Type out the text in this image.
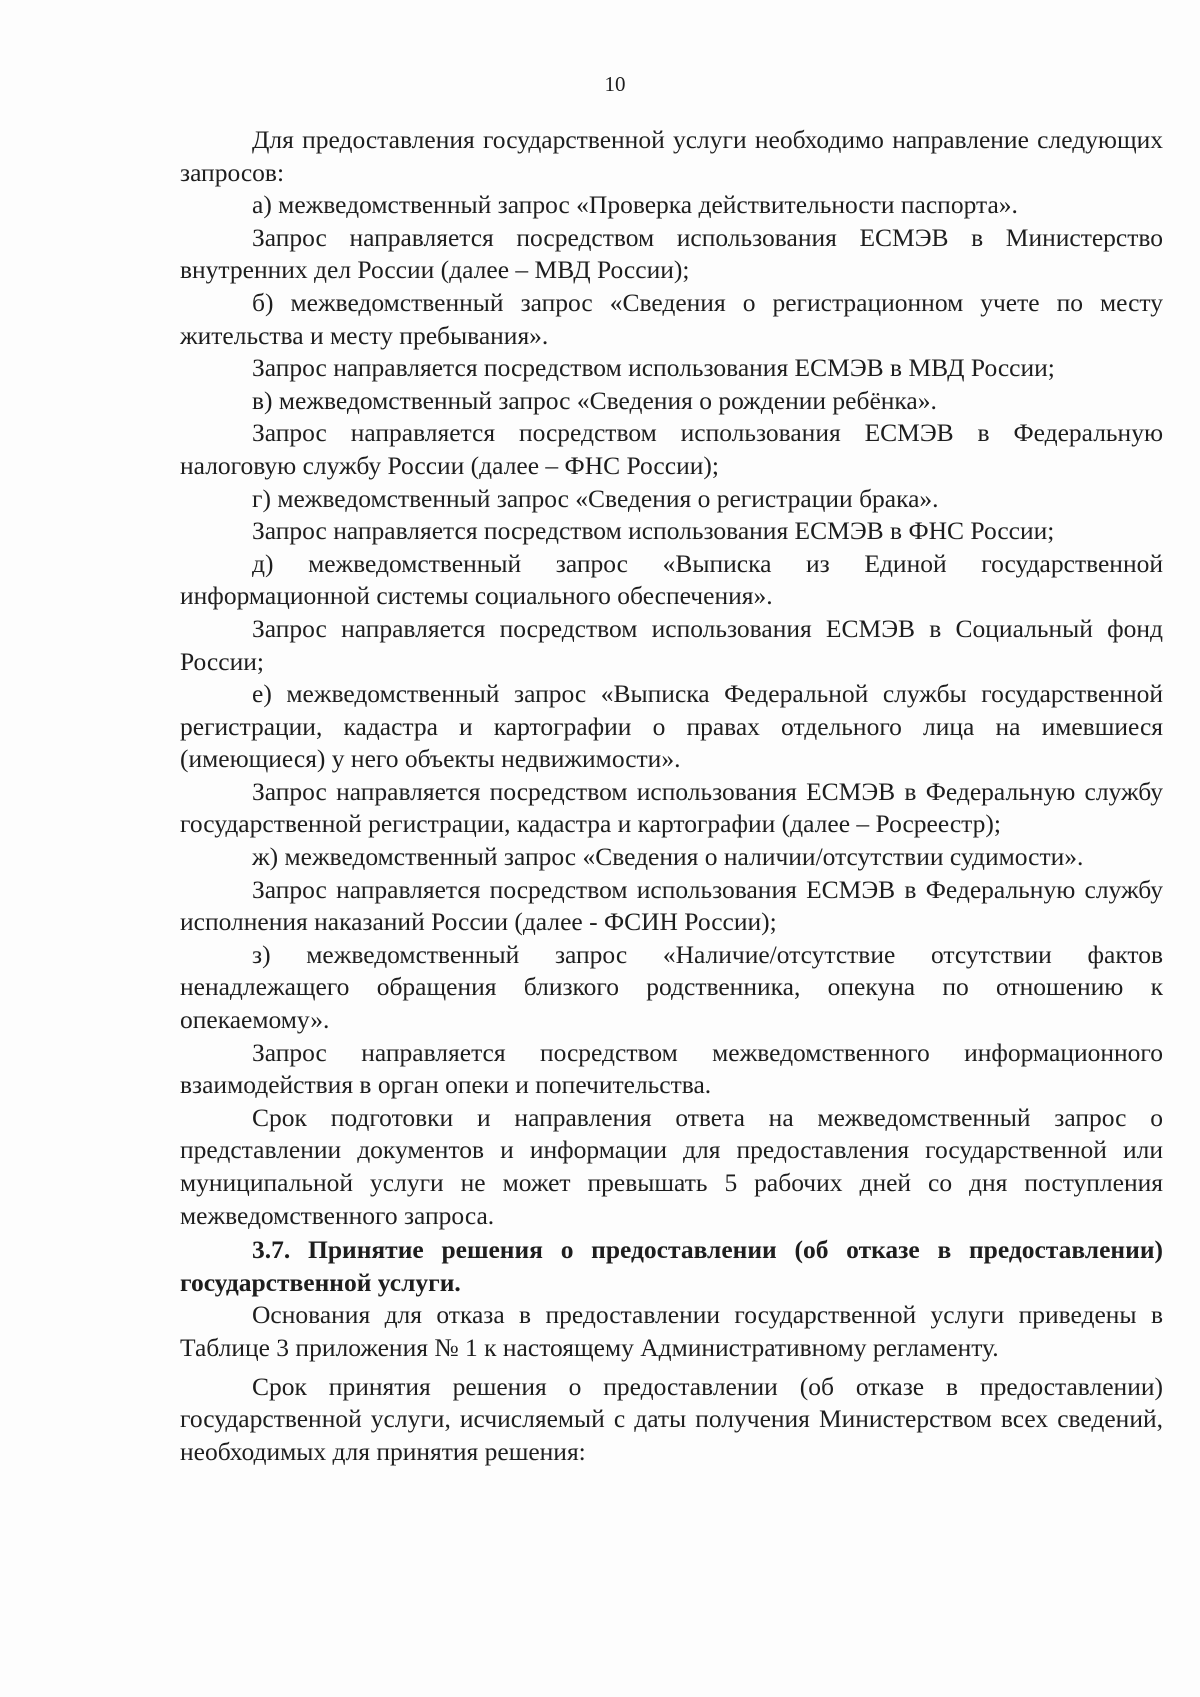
10

Для предоставления государственной услуги необходимо направление следующих запросов:

а) межведомственный запрос «Проверка действительности паспорта».

Запрос направляется посредством использования ЕСМЭВ в Министерство внутренних дел России (далее – МВД России);

б) межведомственный запрос «Сведения о регистрационном учете по месту жительства и месту пребывания».

Запрос направляется посредством использования ЕСМЭВ в МВД России;

в) межведомственный запрос «Сведения о рождении ребёнка».

Запрос направляется посредством использования ЕСМЭВ в Федеральную налоговую службу России (далее – ФНС России);

г) межведомственный запрос «Сведения о регистрации брака».

Запрос направляется посредством использования ЕСМЭВ в ФНС России;

д) межведомственный запрос «Выписка из Единой государственной информационной системы социального обеспечения».

Запрос направляется посредством использования ЕСМЭВ в Социальный фонд России;

е) межведомственный запрос «Выписка Федеральной службы государственной регистрации, кадастра и картографии о правах отдельного лица на имевшиеся (имеющиеся) у него объекты недвижимости».

Запрос направляется посредством использования ЕСМЭВ в Федеральную службу государственной регистрации, кадастра и картографии (далее – Росреестр);

ж) межведомственный запрос «Сведения о наличии/отсутствии судимости».

Запрос направляется посредством использования ЕСМЭВ в Федеральную службу исполнения наказаний России (далее - ФСИН России);

з) межведомственный запрос «Наличие/отсутствие отсутствии фактов ненадлежащего обращения близкого родственника, опекуна по отношению к опекаемому».

Запрос направляется посредством межведомственного информационного взаимодействия в орган опеки и попечительства.

Срок подготовки и направления ответа на межведомственный запрос о представлении документов и информации для предоставления государственной или муниципальной услуги не может превышать 5 рабочих дней со дня поступления межведомственного запроса.

3.7. Принятие решения о предоставлении (об отказе в предоставлении) государственной услуги.

Основания для отказа в предоставлении государственной услуги приведены в Таблице 3 приложения № 1 к настоящему Административному регламенту.

Срок принятия решения о предоставлении (об отказе в предоставлении) государственной услуги, исчисляемый с даты получения Министерством всех сведений, необходимых для принятия решения:
